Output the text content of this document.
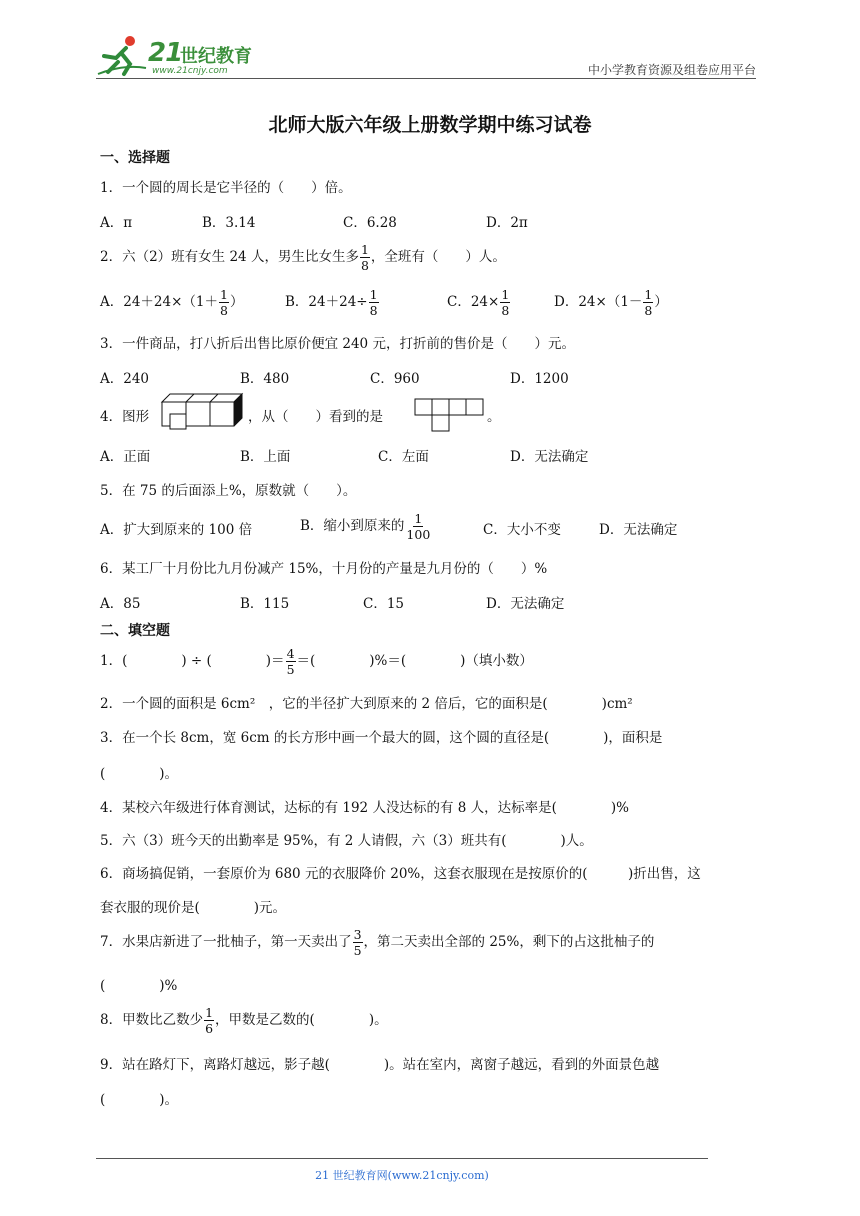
21
世纪教育
www.21cnjy.com	中小学教育资源及组卷应用平台
北师大版六年级上册数学期中练习试卷
一、选择题
1．一个圆的周长是它半径的（　　）倍。
A．π	B．3.14	C．6.28	D．2π
2．六（2）班有女生 24 人，男生比女生多 $\frac{1}{8}$ ，全班有（　　）人。
A．$24+24\times(1+ \frac{1}{8}$ ）	B．$24+24\div \frac{1}{8}$	C．$24\times \frac{1}{8}$	D．$24\times(1- \frac{1}{8}$ ）
3．一件商品，打八折后出售比原价便宜 240 元，打折前的售价是（　　）元。
A．240	B．480	C．960	D．1200
4．图形	，从（　　）看到的是	。
A．正面	B．上面	C．左面	D．无法确定
5．在 75 的后面添上%，原数就（　　）。
A．扩大到原来的 100 倍	B．缩小到原来的 $\frac{1}{100}$	C．大小不变	D．无法确定
6．某工厂十月份比九月份减产 15%，十月份的产量是九月份的（　　）%
A．85	B．115	C．15	D．无法确定
二、填空题
1．(　　　　) ÷ (　　　　)＝ $\frac{4}{5}$ ＝(　　　　)%＝(　　　　)（填小数）
2．一个圆的面积是 6cm²　，它的半径扩大到原来的 2 倍后，它的面积是(　　　　)cm²
3．在一个长 8cm，宽 6cm 的长方形中画一个最大的圆，这个圆的直径是(　　　　)，面积是
(　　　　)。
4．某校六年级进行体育测试，达标的有 192 人没达标的有 8 人，达标率是(　　　　)%
5．六（3）班今天的出勤率是 95%，有 2 人请假，六（3）班共有(　　　　)人。
6．商场搞促销，一套原价为 680 元的衣服降价 20%，这套衣服现在是按原价的(　　　)折出售，这
套衣服的现价是(　　　　)元。
7．水果店新进了一批柚子，第一天卖出了 $\frac{3}{5}$ ，第二天卖出全部的 25%，剩下的占这批柚子的
(　　　　)%
8．甲数比乙数少 $\frac{1}{6}$ ，甲数是乙数的(　　　　)。
9．站在路灯下，离路灯越远，影子越(　　　　)。站在室内，离窗子越远，看到的外面景色越
(　　　　)。
21 世纪教育网(www.21cnjy.com)
